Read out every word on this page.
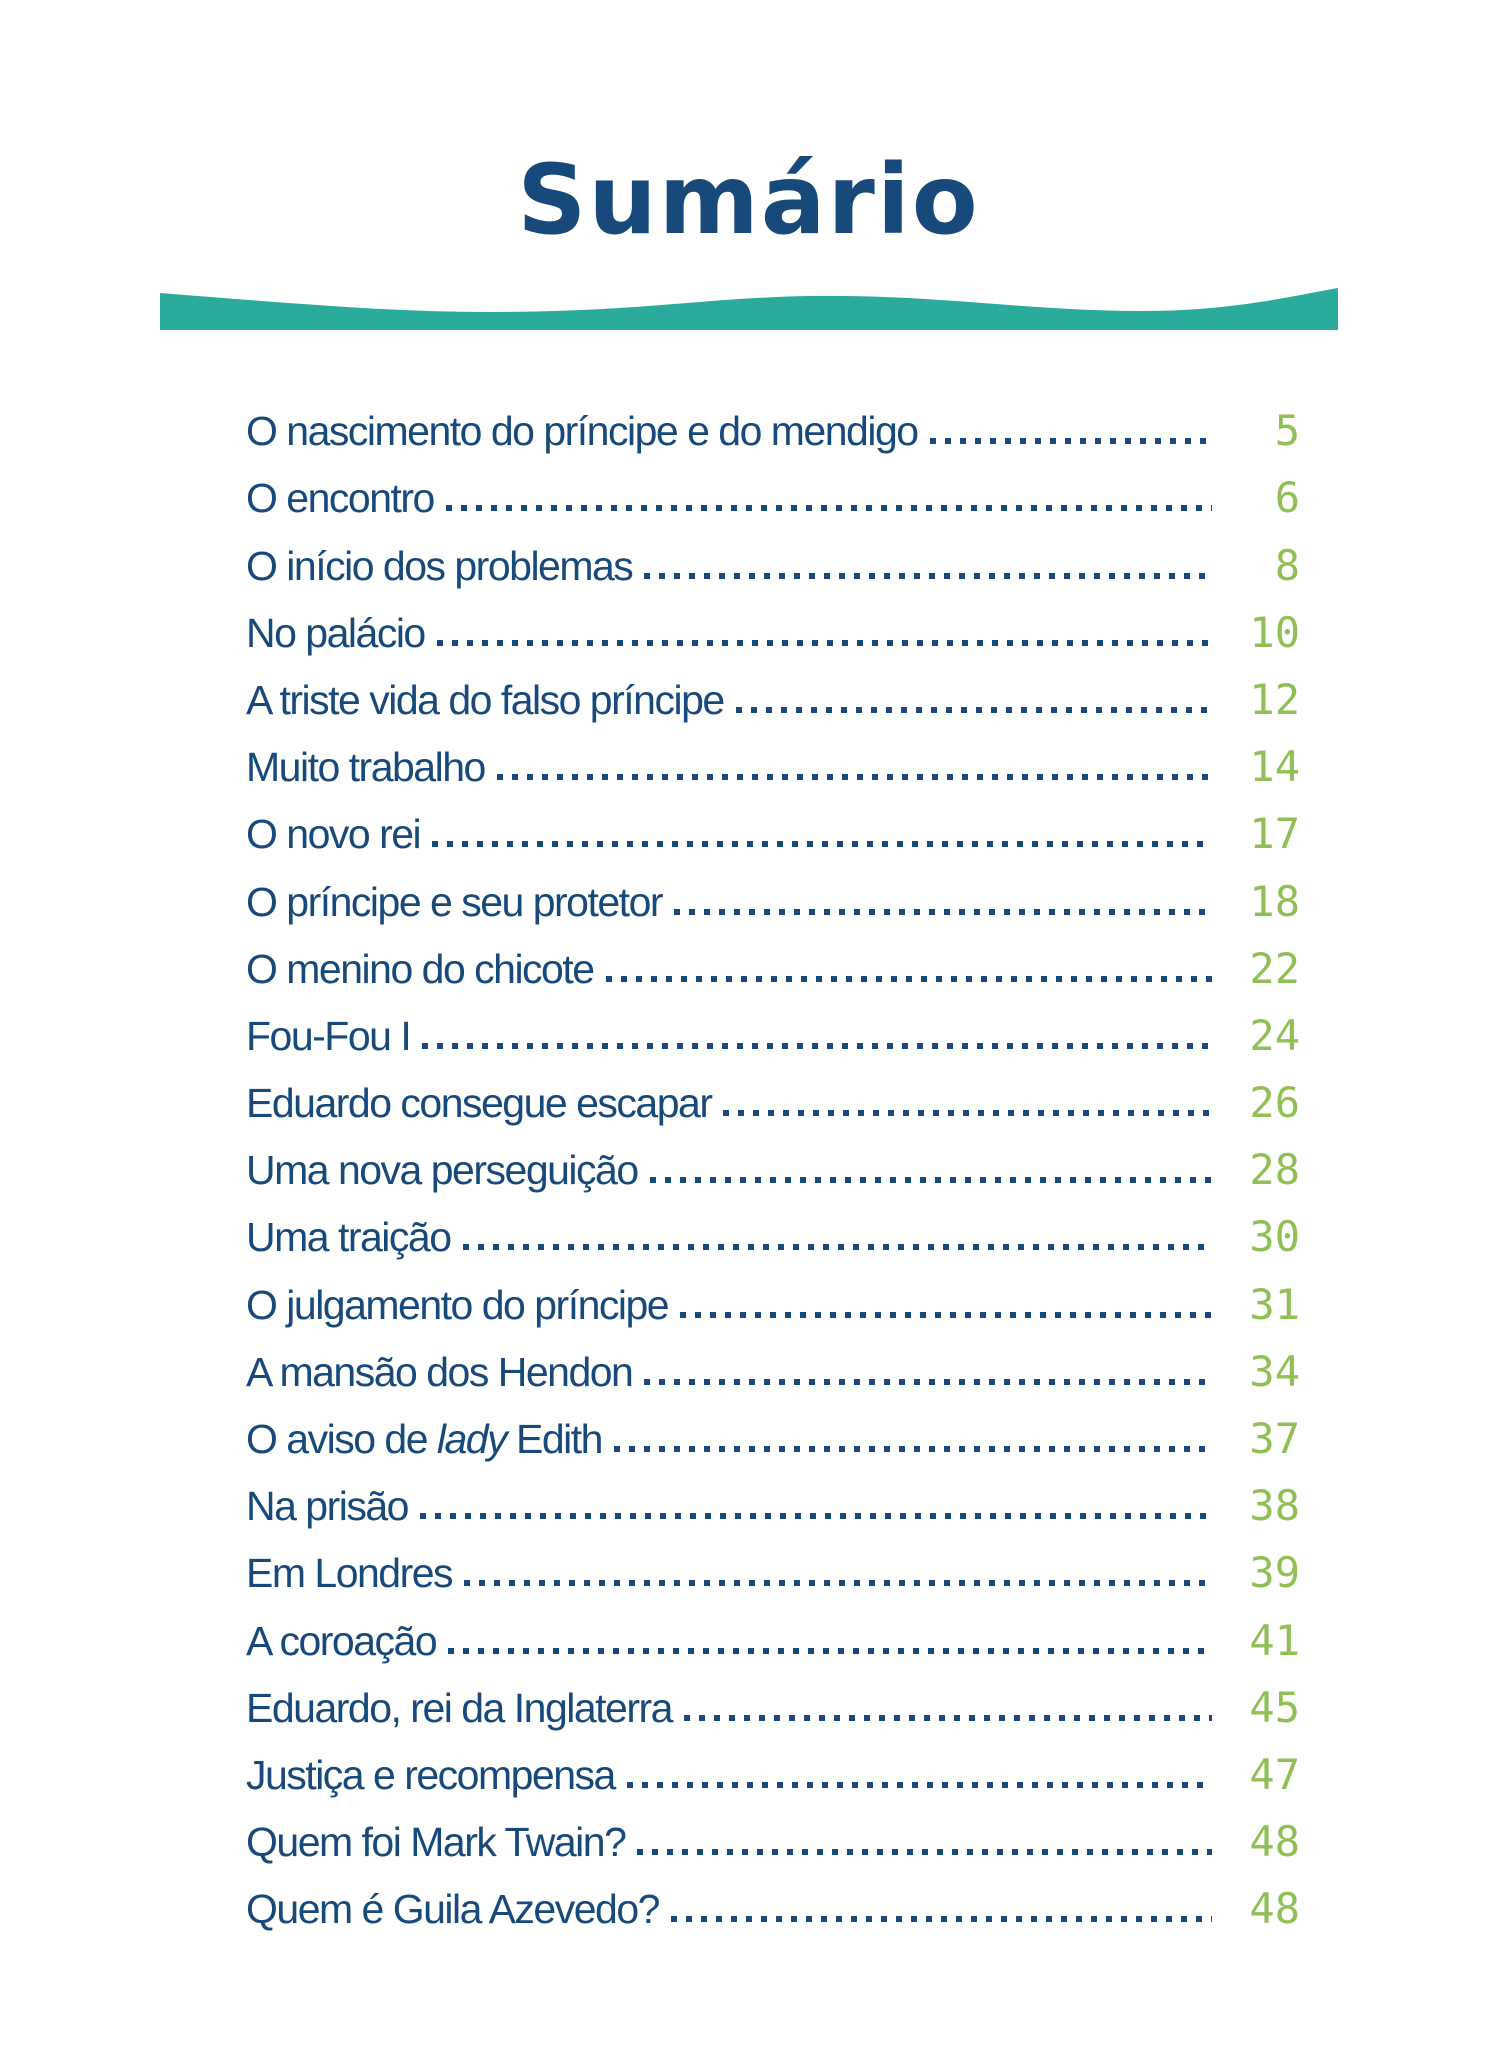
Sumário
O nascimento do príncipe e do mendigo	5
O encontro	6
O início dos problemas	8
No palácio	10
A triste vida do falso príncipe	12
Muito trabalho	14
O novo rei	17
O príncipe e seu protetor	18
O menino do chicote	22
Fou-Fou I	24
Eduardo consegue escapar	26
Uma nova perseguição	28
Uma traição	30
O julgamento do príncipe	31
A mansão dos Hendon	34
O aviso de lady Edith	37
Na prisão	38
Em Londres	39
A coroação	41
Eduardo, rei da Inglaterra	45
Justiça e recompensa	47
Quem foi Mark Twain?	48
Quem é Guila Azevedo?	48
